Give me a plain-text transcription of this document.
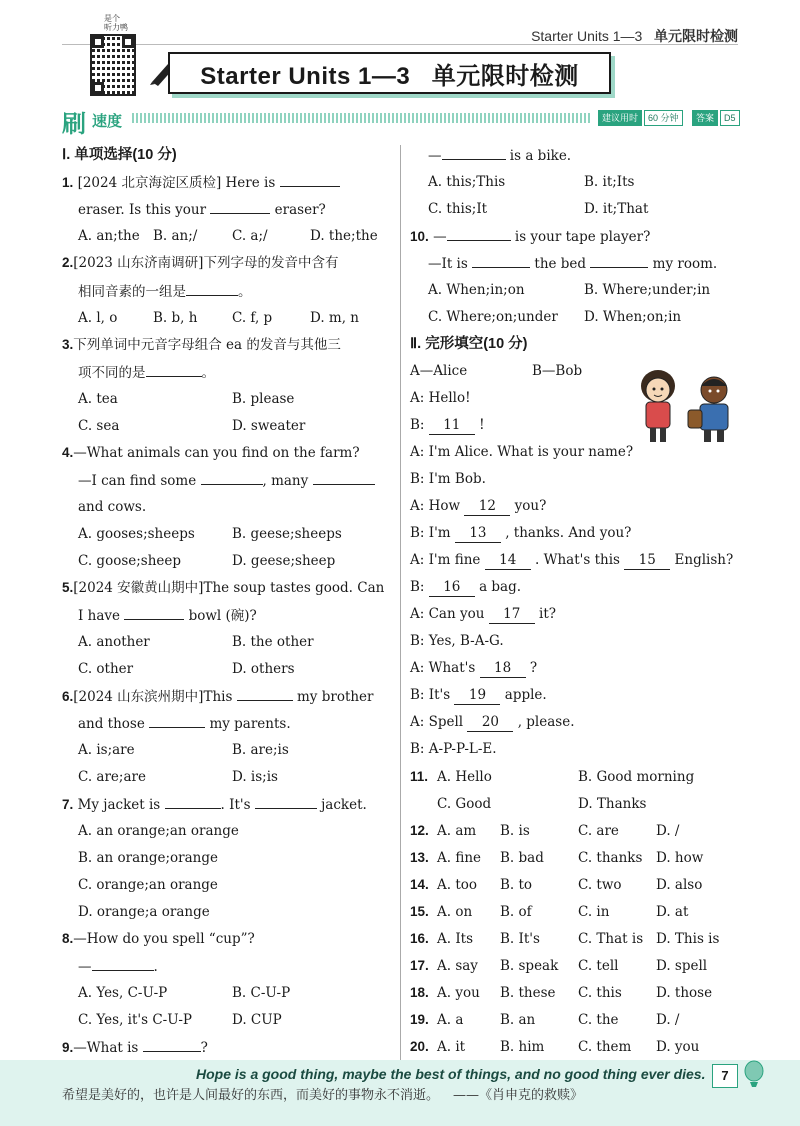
Starter Units 1—3 单元限时检测
是个
听力鸭
Starter Units 1—3   单元限时检测
刷 速度	建议用时	60 分钟	答案	D5
Ⅰ. 单项选择(10 分)
1. [2024 北京海淀区质检] Here is
eraser. Is this your	eraser?
A. an;the B. an;/	C. a;/	D. the;the
2.[2023 山东济南调研]下列字母的发音中含有
相同音素的一组是	。
A. l, o	B. b, h	C. f, p	D. m, n
3.下列单词中元音字母组合 ea 的发音与其他三
项不同的是	。
A. tea	B. please
C. sea	D. sweater
4.—What animals can you find on the farm?
—I can find some	, many
and cows.
A. gooses;sheeps	B. geese;sheeps
C. goose;sheep	D. geese;sheep
5.[2024 安徽黄山期中]The soup tastes good. Can
I have	bowl (碗)?
A. another	B. the other
C. other	D. others
6.[2024 山东滨州期中]This	my brother
and those	my parents.
A. is;are	B. are;is
C. are;are	D. is;is
7. My jacket is	. It's	jacket.
A. an orange;an orange
B. an orange;orange
C. orange;an orange
D. orange;a orange
8.—How do you spell “cup”?
—	.
A. Yes, C-U-P	B. C-U-P
C. Yes, it's C-U-P	D. CUP
9.—What is	?
—	is a bike.
A. this;This	B. it;Its
C. this;It	D. it;That
10. —	is your tape player?
—It is	the bed	my room.
A. When;in;on	B. Where;under;in
C. Where;on;under D. When;on;in
Ⅱ. 完形填空(10 分)
A—Alice	B—Bob
A: Hello!
B: 11 !
A: I'm Alice. What is your name?
B: I'm Bob.
A: How 12 you?
B: I'm 13 , thanks. And you?
A: I'm fine 14 . What's this 15 English?
B: 16 a bag.
A: Can you 17 it?
B: Yes, B-A-G.
A: What's 18 ?
B: It's 19 apple.
A: Spell 20 , please.
B: A-P-P-L-E.
11. A. Hello	B. Good morning
C. Good	D. Thanks
12. A. am B. is	C. are	D. /
13. A. fine B. bad	C. thanks D. how
14. A. too B. to	C. two	D. also
15. A. on B. of	C. in	D. at
16. A. Its B. It's	C. That is D. This is
17. A. say B. speak C. tell	D. spell
18. A. you B. these C. this	D. those
19. A. a	B. an	C. the	D. /
20. A. it	B. him C. them D. you
Hope is a good thing, maybe the best of things, and no good thing ever dies.
希望是美好的，也许是人间最好的东西，而美好的事物永不消逝。 ——《肖申克的救赎》
7
